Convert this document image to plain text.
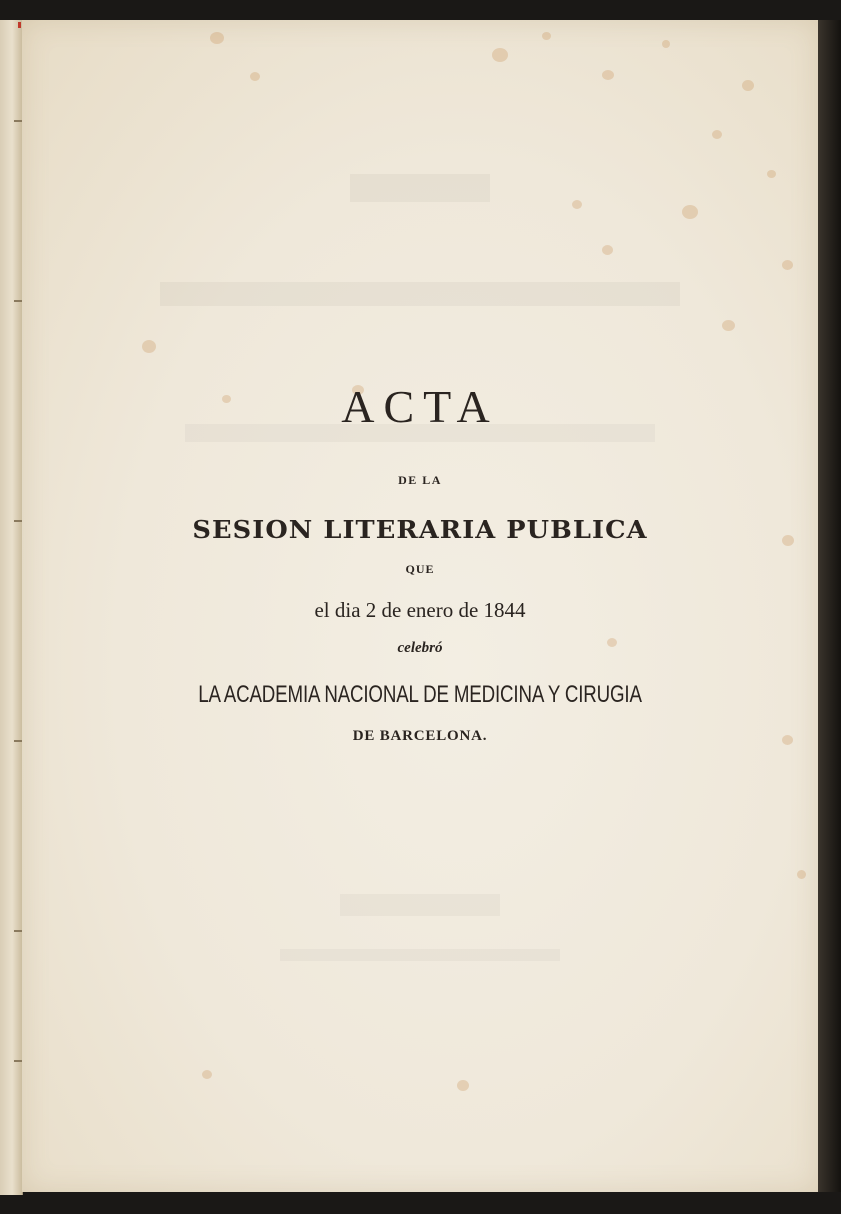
ACTA
DE LA
SESION LITERARIA PUBLICA
QUE
el dia 2 de enero de 1844
celebró
LA ACADEMIA NACIONAL DE MEDICINA Y CIRUGIA
DE BARCELONA.
